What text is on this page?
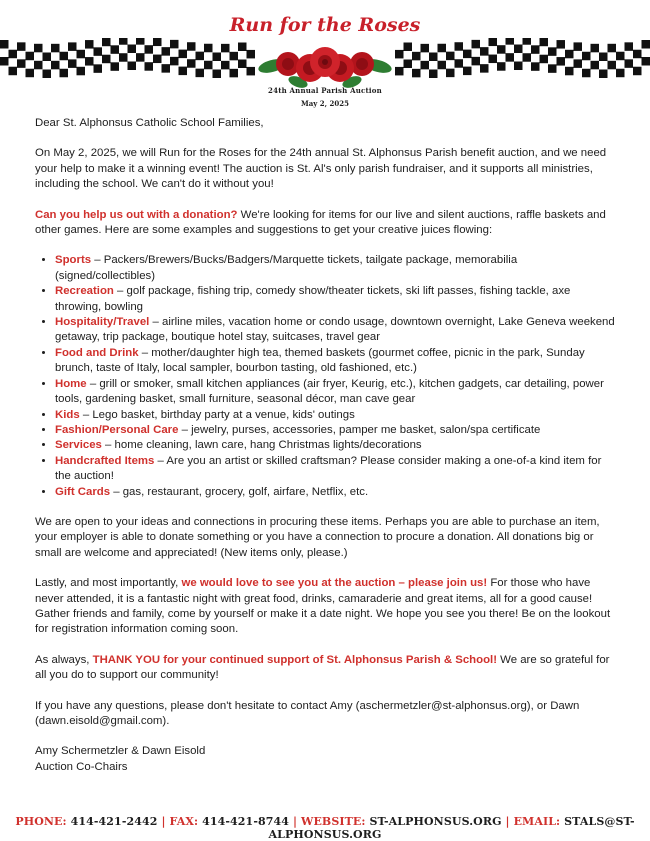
Run for the Roses
24th Annual Parish Auction
May 2, 2025

Dear St. Alphonsus Catholic School Families,

On May 2, 2025, we will Run for the Roses for the 24th annual St. Alphonsus Parish benefit auction, and we need your help to make it a winning event! The auction is St. Al's only parish fundraiser, and it supports all ministries, including the school. We can't do it without you!

Can you help us out with a donation? We're looking for items for our live and silent auctions, raffle baskets and other games. Here are some examples and suggestions to get your creative juices flowing:

• Sports – Packers/Brewers/Bucks/Badgers/Marquette tickets, tailgate package, memorabilia (signed/collectibles)
• Recreation – golf package, fishing trip, comedy show/theater tickets, ski lift passes, fishing tackle, axe throwing, bowling
• Hospitality/Travel – airline miles, vacation home or condo usage, downtown overnight, Lake Geneva weekend getaway, trip package, boutique hotel stay, suitcases, travel gear
• Food and Drink – mother/daughter high tea, themed baskets (gourmet coffee, picnic in the park, Sunday brunch, taste of Italy, local sampler, bourbon tasting, old fashioned, etc.)
• Home – grill or smoker, small kitchen appliances (air fryer, Keurig, etc.), kitchen gadgets, car detailing, power tools, gardening basket, small furniture, seasonal décor, man cave gear
• Kids – Lego basket, birthday party at a venue, kids' outings
• Fashion/Personal Care – jewelry, purses, accessories, pamper me basket, salon/spa certificate
• Services – home cleaning, lawn care, hang Christmas lights/decorations
• Handcrafted Items – Are you an artist or skilled craftsman? Please consider making a one-of-a kind item for the auction!
• Gift Cards – gas, restaurant, grocery, golf, airfare, Netflix, etc.

We are open to your ideas and connections in procuring these items. Perhaps you are able to purchase an item, your employer is able to donate something or you have a connection to procure a donation. All donations big or small are welcome and appreciated! (New items only, please.)

Lastly, and most importantly, we would love to see you at the auction – please join us! For those who have never attended, it is a fantastic night with great food, drinks, camaraderie and great items, all for a good cause! Gather friends and family, come by yourself or make it a date night. We hope you see you there! Be on the lookout for registration information coming soon.

As always, THANK YOU for your continued support of St. Alphonsus Parish & School! We are so grateful for all you do to support our community!

If you have any questions, please don't hesitate to contact Amy (aschermetzler@st-alphonsus.org), or Dawn (dawn.eisold@gmail.com).

Amy Schermetzler & Dawn Eisold

Auction Co-Chairs

PHONE: 414-421-2442 | FAX: 414-421-8744 | WEBSITE: ST-ALPHONSUS.ORG | EMAIL: STALS@ST-ALPHONSUS.ORG
